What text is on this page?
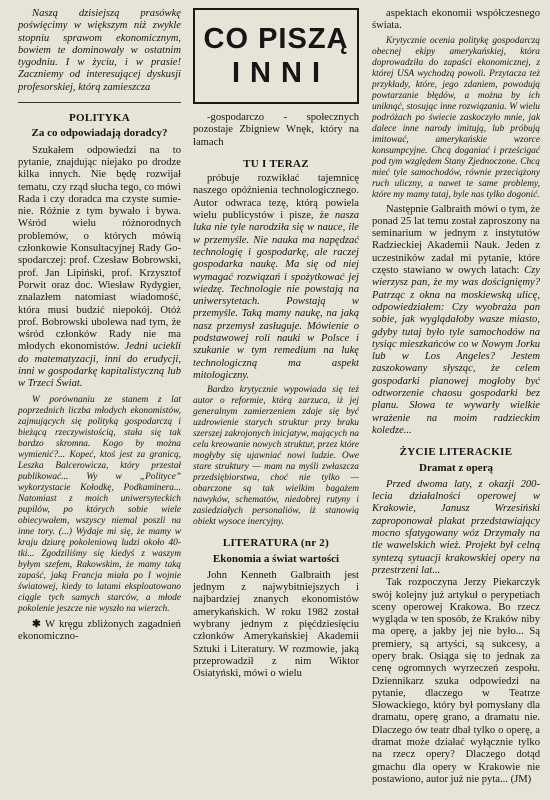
Naszą dzisiejszą prasówkę poświęcimy w większym niż zwykle stopniu sprawom ekonomicznym, bowiem te dominowały w ostatnim tygodniu. I w życiu, i w prasie! Zaczniemy od interesującej dyskusji profesorskiej, którą zamieszcza

POLITYKA
Za co odpowiadają doradcy?

Szukałem odpowiedzi na to pytanie, znajdując niejako po drodze kilka innych. Nie będę rozwijał tematu, czy rząd słucha tego, co mówi Rada i czy doradca ma czyste sumienie. Różnie z tym bywało i bywa. Wśród wielu różnorodnych problemów, o których mówią członkowie Konsultacyjnej Rady Gospodarczej: prof. Czesław Bobrowski, prof. Jan Lipiński, prof. Krzysztof Porwit oraz doc. Wiesław Rydygier, znalazłem natomiast wiadomość, która musi budzić niepokój. Otóż prof. Bobrowski ubolewa nad tym, że wśród członków Rady nie ma młodych ekonomistów. Jedni uciekli do matematyzacji, inni do erudycji, inni w gospodarkę kapitalistyczną lub w Trzeci Świat.

W porównaniu ze stanem z lat poprzednich liczba młodych ekonomistów, zajmujących się polityką gospodarczą i bieżącą rzeczywistością, stała się tak bardzo skromna. Kogo by można wymienić?... Kopeć, ktoś jest za granicą, Leszka Balcerowicza, który przestał publikować... Wy w „Polityce” wykorzystacie Kołodkę, Podkaminera... Natomiast z moich uniwersyteckich pupilów, po których sobie wiele obiecywałem, wszyscy niemal poszli na inne tory. (...) Wydaje mi się, że mamy w kraju dziurę pokoleniową ludzi około 40-tki... Zgodziliśmy się kiedyś z waszym byłym szefem, Rakowskim, że mamy taką zapaść, jaką Francja miała po I wojnie światowej, kiedy to latami eksploatowano ciągle tych samych starców, a młode pokolenie jeszcze nie wyszło na wierzch.

✱ W kręgu zbliżonych zagadnień ekonomiczno-

CO PISZĄ
INNI

-gospodarczo - społecznych pozostaje Zbigniew Wnęk, który na łamach

TU I TERAZ

próbuje rozwikłać tajemnicę naszego opóźnienia technologicznego. Autor odwraca tezę, którą powiela wielu publicystów i pisze, że nasza luka nie tyle narodziła się w nauce, ile w przemyśle. Nie nauka ma napędzać technologię i gospodarkę, ale raczej gospodarka naukę. Ma się od niej wymagać rozwiązań i spożytkować jej wiedzę. Technologie nie powstają na uniwersytetach. Powstają w przemyśle. Taką mamy naukę, na jaką nasz przemysł zasługuje. Mówienie o podstawowej roli nauki w Polsce i szukanie w tym remedium na lukę technologiczną ma aspekt mitologiczny.

Bardzo krytycznie wypowiada się też autor o reformie, którą zarzuca, iż jej generalnym zamierzeniem zdaje się być uzdrowienie starych struktur przy braku szerszej zakrojonych inicjatyw, mających na celu kreowanie nowych struktur, przez które mogłyby się ujawniać nowi ludzie. Owe stare struktury — mam na myśli zwłaszcza przedsiębiorstwa, choć nie tylko — obarczone są tak wielkim bagażem nawyków, schematów, niedobrej rutyny i zasiedziałych personaliów, iż stanowią obiekt wysoce inercyjny.

LITERATURA (nr 2)
Ekonomia a świat wartości

John Kenneth Galbraith jest jednym z najwybitniejszych i najbardziej znanych ekonomistów amerykańskich. W roku 1982 został wybrany jednym z pięćdziesięciu członków Amerykańskiej Akademii Sztuki i Literatury. W rozmowie, jaką przeprowadził z nim Wiktor Osiatyński, mówi o wielu

aspektach ekonomii współczesnego świata.

Krytycznie ocenia politykę gospodarczą obecnej ekipy amerykańskiej, która doprowadziła do zapaści ekonomicznej, z której USA wychodzą powoli. Przytacza też przykłady, które, jego zdaniem, powodują powtarzanie błędów, a można by ich uniknąć, stosując inne rozwiązania. W wielu podróżach po świecie zaskoczyło mnie, jak dalece inne narody imitują, lub próbują imitować, amerykańskie wzorce konsumpcyjne. Chcą doganiać i prześcigać pod tym względem Stany Zjednoczone. Chcą mieć tyle samochodów, równie przeciążony ruch uliczny, a nawet te same problemy, które my mamy tutaj, byle nas tylko dogonić.

Następnie Galbraith mówi o tym, że ponad 25 lat temu został zaproszony na seminarium w jednym z instytutów Radzieckiej Akademii Nauk. Jeden z uczestników zadał mi pytanie, które często stawiano w owych latach: Czy wierzysz pan, że my was doścignięmy? Patrząc z okna na moskiewską ulicę, odpowiedziałem: Czy wyobraża pan sobie, jak wyglądałoby wasze miasto, gdyby tutaj było tyle samochodów na tysiąc mieszkańców co w Nowym Jorku lub w Los Angeles? Jestem zaszokowany słysząc, że celem gospodarki planowej mogłoby być odtworzenie chaosu gospodarki bez planu. Słowa te wywarły wielkie wrażenie na moim radzieckim koledze...

ŻYCIE LITERACKIE
Dramat z operą

Przed dwoma laty, z okazji 200-lecia działalności operowej w Krakowie, Janusz Wrzesiński zaproponował plakat przedstawiający mocno sfatygowany wóz Drzymały na tle wawelskich wież. Projekt był celną syntezą sytuacji krakowskiej opery na przestrzeni lat...

Tak rozpoczyna Jerzy Piekarczyk swój kolejny już artykuł o perypetiach sceny operowej Krakowa. Bo rzecz wygląda w ten sposób, że Kraków niby ma operę, a jakby jej nie było... Są premiery, są artyści, są sukcesy, a opery brak. Osiąga się to jednak za cenę ogromnych wyrzeczeń zespołu. Dziennikarz szuka odpowiedzi na pytanie, dlaczego w Teatrze Słowackiego, który był pomysłany dla dramatu, operę grano, a dramatu nie. Dlaczego ów teatr dbał tylko o operę, a dramat może działać wyłącznie tylko na rzecz opery? Dlaczego dotąd gmachu dla opery w Krakowie nie postawiono, autor już nie pyta... (JM)
